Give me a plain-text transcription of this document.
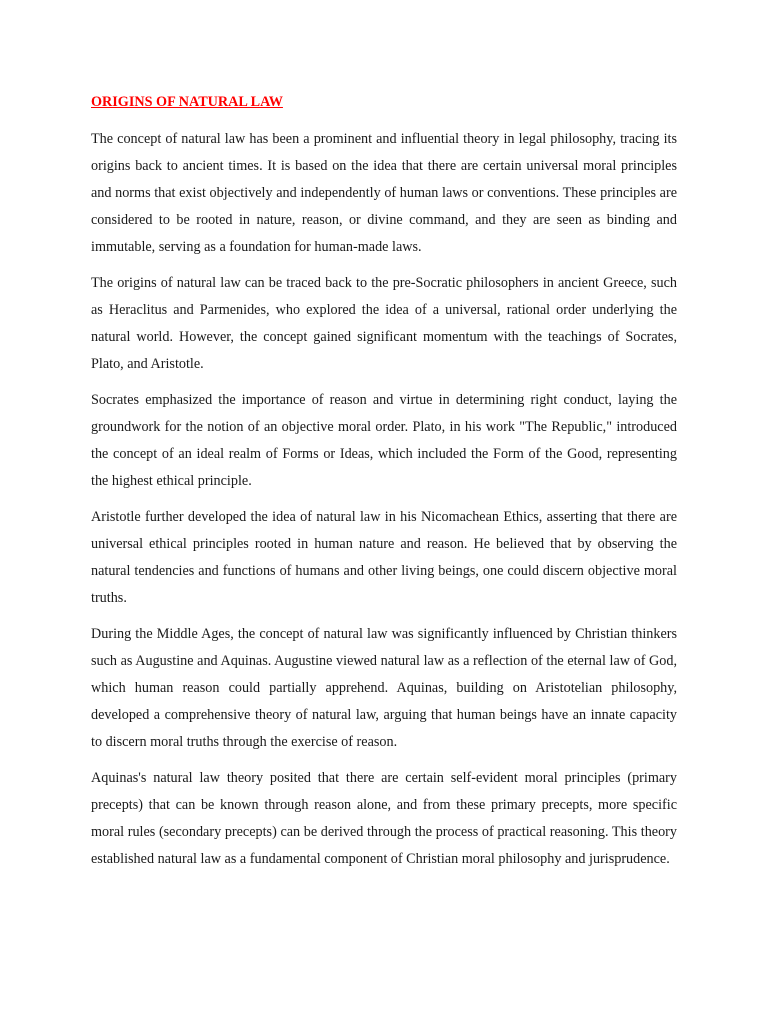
ORIGINS OF NATURAL LAW

The concept of natural law has been a prominent and influential theory in legal philosophy, tracing its origins back to ancient times. It is based on the idea that there are certain universal moral principles and norms that exist objectively and independently of human laws or conventions. These principles are considered to be rooted in nature, reason, or divine command, and they are seen as binding and immutable, serving as a foundation for human-made laws.

The origins of natural law can be traced back to the pre-Socratic philosophers in ancient Greece, such as Heraclitus and Parmenides, who explored the idea of a universal, rational order underlying the natural world. However, the concept gained significant momentum with the teachings of Socrates, Plato, and Aristotle.

Socrates emphasized the importance of reason and virtue in determining right conduct, laying the groundwork for the notion of an objective moral order. Plato, in his work "The Republic," introduced the concept of an ideal realm of Forms or Ideas, which included the Form of the Good, representing the highest ethical principle.

Aristotle further developed the idea of natural law in his Nicomachean Ethics, asserting that there are universal ethical principles rooted in human nature and reason. He believed that by observing the natural tendencies and functions of humans and other living beings, one could discern objective moral truths.

During the Middle Ages, the concept of natural law was significantly influenced by Christian thinkers such as Augustine and Aquinas. Augustine viewed natural law as a reflection of the eternal law of God, which human reason could partially apprehend. Aquinas, building on Aristotelian philosophy, developed a comprehensive theory of natural law, arguing that human beings have an innate capacity to discern moral truths through the exercise of reason.

Aquinas's natural law theory posited that there are certain self-evident moral principles (primary precepts) that can be known through reason alone, and from these primary precepts, more specific moral rules (secondary precepts) can be derived through the process of practical reasoning. This theory established natural law as a fundamental component of Christian moral philosophy and jurisprudence.
